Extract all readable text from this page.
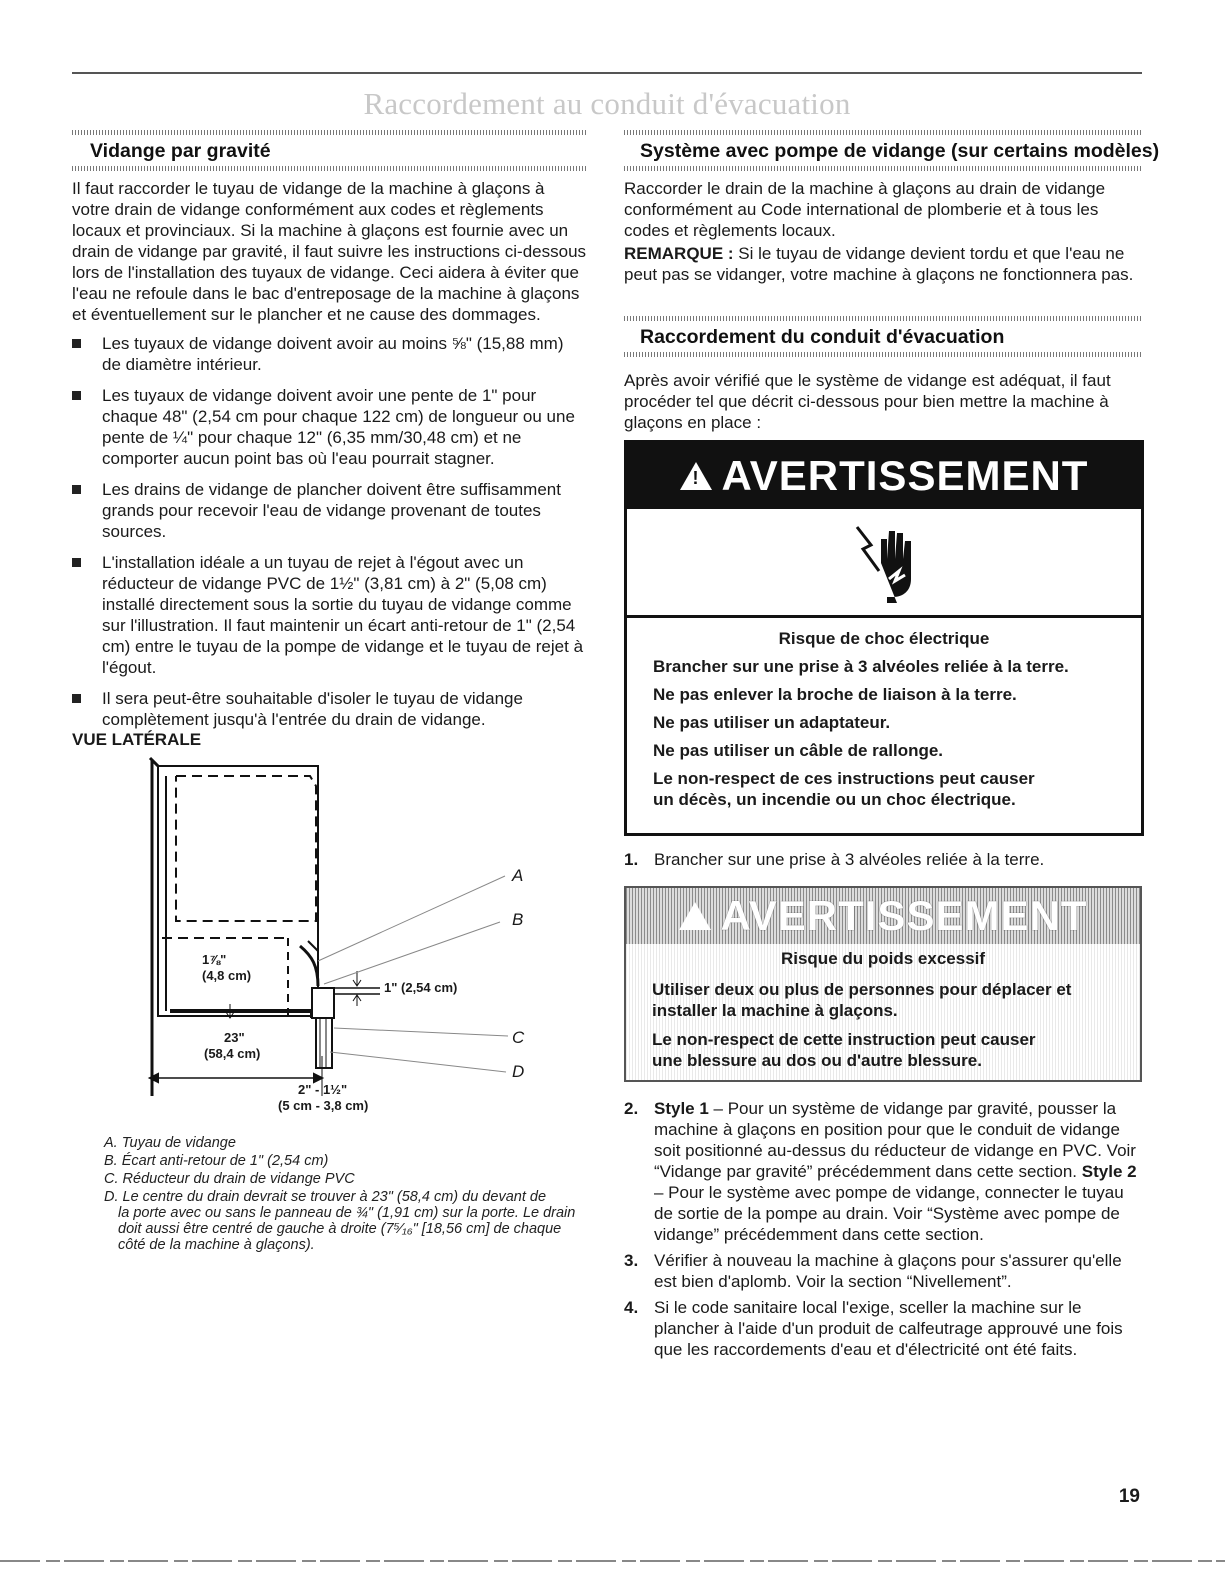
Raccordement au conduit d'évacuation
Vidange par gravité

Il faut raccorder le tuyau de vidange de la machine à glaçons à votre drain de vidange conformément aux codes et règlements locaux et provinciaux. Si la machine à glaçons est fournie avec un drain de vidange par gravité, il faut suivre les instructions ci-dessous lors de l'installation des tuyaux de vidange. Ceci aidera à éviter que l'eau ne refoule dans le bac d'entreposage de la machine à glaçons et éventuellement sur le plancher et ne cause des dommages.

Les tuyaux de vidange doivent avoir au moins ⅝" (15,88 mm) de diamètre intérieur.

Les tuyaux de vidange doivent avoir une pente de 1" pour chaque 48" (2,54 cm pour chaque 122 cm) de longueur ou une pente de ¼" pour chaque 12" (6,35 mm/30,48 cm) et ne comporter aucun point bas où l'eau pourrait stagner.

Les drains de vidange de plancher doivent être suffisamment grands pour recevoir l'eau de vidange provenant de toutes sources.

L'installation idéale a un tuyau de rejet à l'égout avec un réducteur de vidange PVC de 1½" (3,81 cm) à 2" (5,08 cm) installé directement sous la sortie du tuyau de vidange comme sur l'illustration. Il faut maintenir un écart anti-retour de 1" (2,54 cm) entre le tuyau de la pompe de vidange et le tuyau de rejet à l'égout.

Il sera peut-être souhaitable d'isoler le tuyau de vidange complètement jusqu'à l'entrée du drain de vidange.

VUE LATÉRALE
A
B
C
D
1⅞"
(4,8 cm)
1" (2,54 cm)
23"
(58,4 cm)
2" - 1½"
(5 cm - 3,8 cm)

A. Tuyau de vidange

B. Écart anti-retour de 1" (2,54 cm)

C. Réducteur du drain de vidange PVC

D. Le centre du drain devrait se trouver à 23" (58,4 cm) du devant de
la porte avec ou sans le panneau de ¾" (1,91 cm) sur la porte. Le drain doit aussi être centré de gauche à droite (7⁵⁄₁₆" [18,56 cm] de chaque côté de la machine à glaçons).

Système avec pompe de vidange (sur certains modèles)

Raccorder le drain de la machine à glaçons au drain de vidange conformément au Code international de plomberie et à tous les codes et règlements locaux.

REMARQUE : Si le tuyau de vidange devient tordu et que l'eau ne peut pas se vidanger, votre machine à glaçons ne fonctionnera pas.

Raccordement du conduit d'évacuation

Après avoir vérifié que le système de vidange est adéquat, il faut procéder tel que décrit ci-dessous pour bien mettre la machine à glaçons en place :

! AVERTISSEMENT

Risque de choc électrique

Brancher sur une prise à 3 alvéoles reliée à la terre.

Ne pas enlever la broche de liaison à la terre.

Ne pas utiliser un adaptateur.

Ne pas utiliser un câble de rallonge.

Le non-respect de ces instructions peut causer

un décès, un incendie ou un choc électrique.

1. Brancher sur une prise à 3 alvéoles reliée à la terre.

AVERTISSEMENT

Risque du poids excessif

Utiliser deux ou plus de personnes pour déplacer et

installer la machine à glaçons.

Le non-respect de cette instruction peut causer

une blessure au dos ou d'autre blessure.

2. Style 1 – Pour un système de vidange par gravité, pousser la machine à glaçons en position pour que le conduit de vidange soit positionné au-dessus du réducteur de vidange en PVC. Voir “Vidange par gravité” précédemment dans cette section. Style 2 – Pour le système avec pompe de vidange, connecter le tuyau de sortie de la pompe au drain. Voir “Système avec pompe de vidange” précédemment dans cette section.

3. Vérifier à nouveau la machine à glaçons pour s'assurer qu'elle est bien d'aplomb. Voir la section “Nivellement”.

4. Si le code sanitaire local l'exige, sceller la machine sur le plancher à l'aide d'un produit de calfeutrage approuvé une fois que les raccordements d'eau et d'électricité ont été faits.

19
